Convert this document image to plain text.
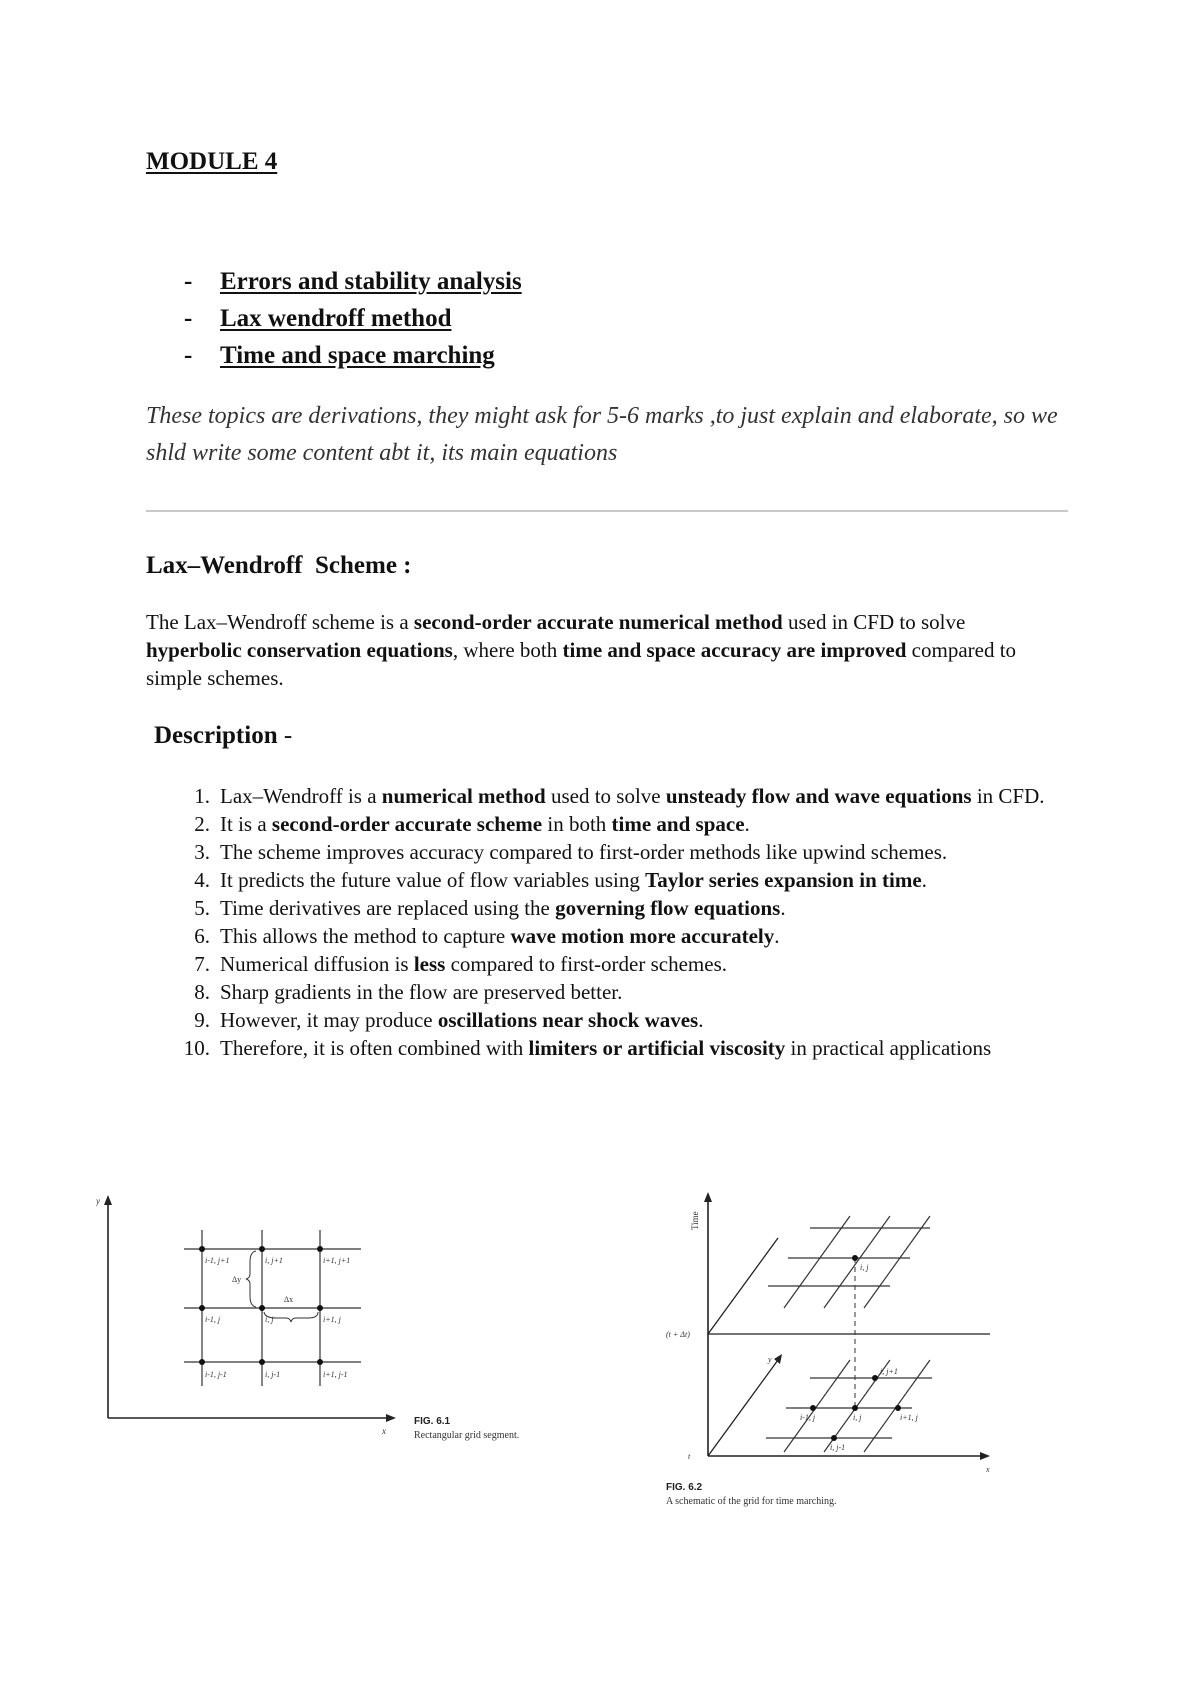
MODULE 4
-	Errors and stability analysis
-	Lax wendroff method
-	Time and space marching
These topics are derivations, they might ask for 5-6 marks ,to just explain and elaborate, so we shld write some content abt it, its main equations
Lax–Wendroff  Scheme :
The Lax–Wendroff scheme is a second-order accurate numerical method used in CFD to solve hyperbolic conservation equations, where both time and space accuracy are improved compared to simple schemes.
Description -
1. Lax–Wendroff is a numerical method used to solve unsteady flow and wave equations in CFD.
2. It is a second-order accurate scheme in both time and space.
3. The scheme improves accuracy compared to first-order methods like upwind schemes.
4. It predicts the future value of flow variables using Taylor series expansion in time.
5. Time derivatives are replaced using the governing flow equations.
6. This allows the method to capture wave motion more accurately.
7. Numerical diffusion is less compared to first-order schemes.
8. Sharp gradients in the flow are preserved better.
9. However, it may produce oscillations near shock waves.
10. Therefore, it is often combined with limiters or artificial viscosity in practical applications
y
x
i-1, j+1	i, j+1	i+1, j+1
i-1, j	i, j	i+1, j
i-1, j-1	i, j-1	i+1, j-1
Δy
Δx
FIG. 6.1
Rectangular grid segment.
Time
x
t
y
(t + Δt)
i, j
i, j+1
i-1, j	i, j	i+1, j
i, j-1
FIG. 6.2
A schematic of the grid for time marching.
